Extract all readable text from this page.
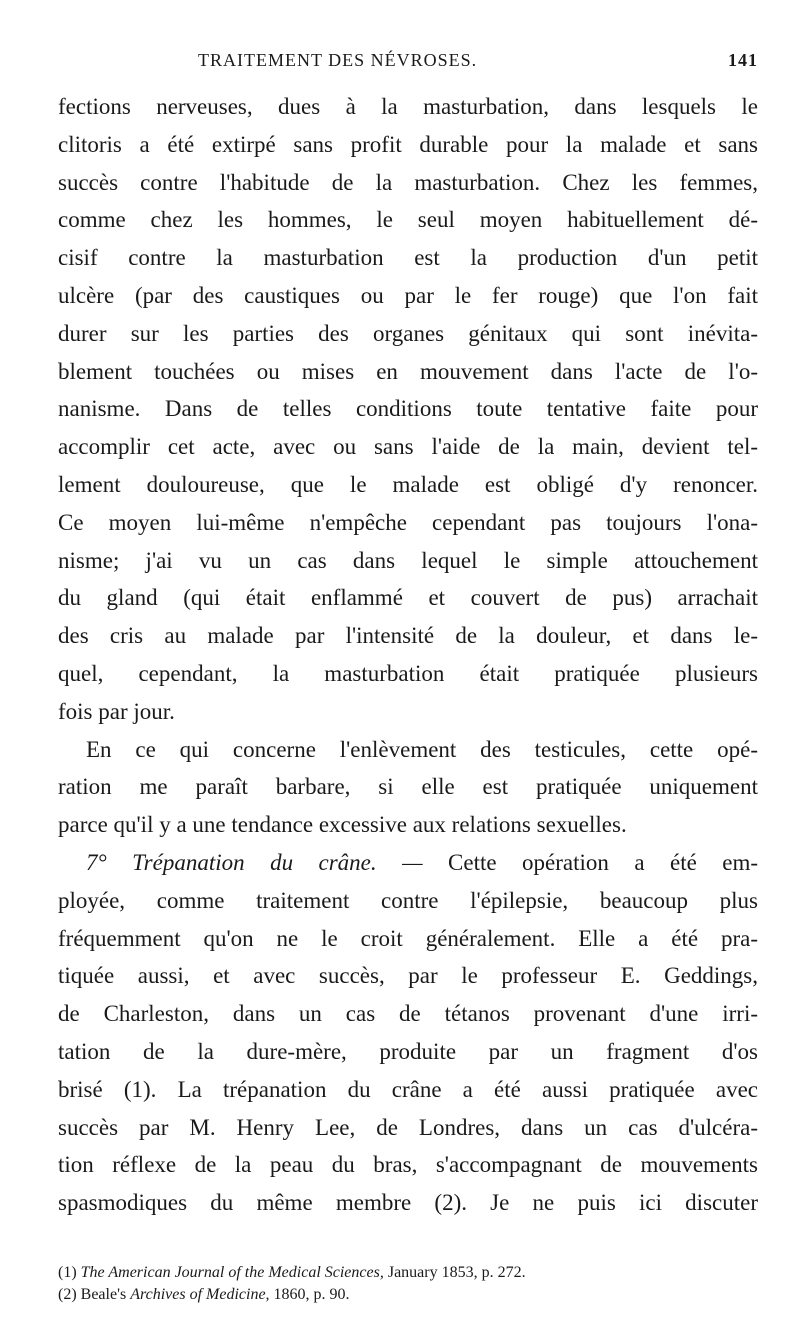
TRAITEMENT DES NÉVROSES.	141
fections nerveuses, dues à la masturbation, dans lesquels le
clitoris a été extirpé sans profit durable pour la malade et sans
succès contre l'habitude de la masturbation. Chez les femmes,
comme chez les hommes, le seul moyen habituellement dé-
cisif contre la masturbation est la production d'un petit
ulcère (par des caustiques ou par le fer rouge) que l'on fait
durer sur les parties des organes génitaux qui sont inévita-
blement touchées ou mises en mouvement dans l'acte de l'o-
nanisme. Dans de telles conditions toute tentative faite pour
accomplir cet acte, avec ou sans l'aide de la main, devient tel-
lement douloureuse, que le malade est obligé d'y renoncer.
Ce moyen lui-même n'empêche cependant pas toujours l'ona-
nisme; j'ai vu un cas dans lequel le simple attouchement
du gland (qui était enflammé et couvert de pus) arrachait
des cris au malade par l'intensité de la douleur, et dans le-
quel, cependant, la masturbation était pratiquée plusieurs
fois par jour.
En ce qui concerne l'enlèvement des testicules, cette opé-
ration me paraît barbare, si elle est pratiquée uniquement
parce qu'il y a une tendance excessive aux relations sexuelles.
7° Trépanation du crâne. — Cette opération a été em-
ployée, comme traitement contre l'épilepsie, beaucoup plus
fréquemment qu'on ne le croit généralement. Elle a été pra-
tiquée aussi, et avec succès, par le professeur E. Geddings,
de Charleston, dans un cas de tétanos provenant d'une irri-
tation de la dure-mère, produite par un fragment d'os
brisé (1). La trépanation du crâne a été aussi pratiquée avec
succès par M. Henry Lee, de Londres, dans un cas d'ulcéra-
tion réflexe de la peau du bras, s'accompagnant de mouvements
spasmodiques du même membre (2). Je ne puis ici discuter
(1) The American Journal of the Medical Sciences, January 1853, p. 272.
(2) Beale's Archives of Medicine, 1860, p. 90.
